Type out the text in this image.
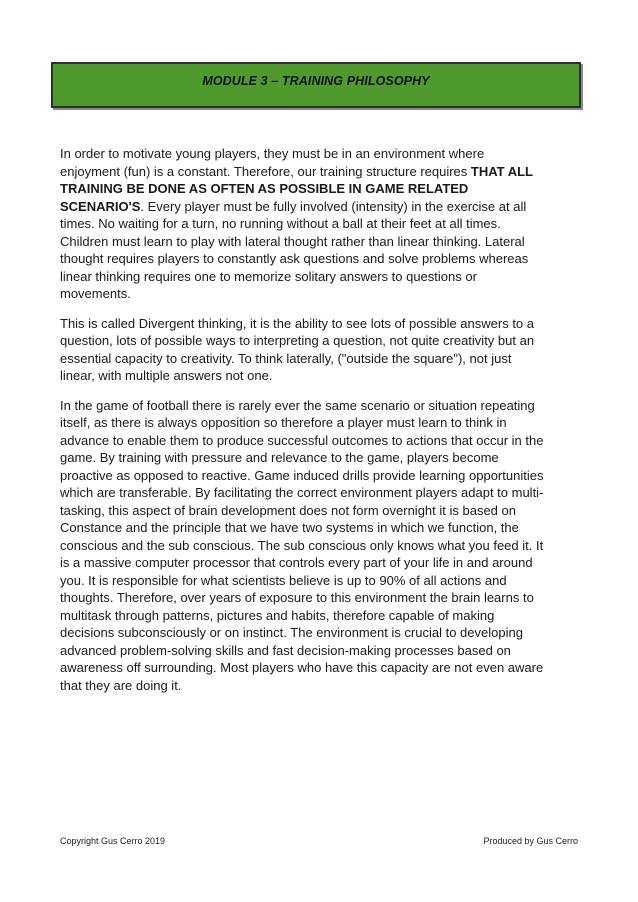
MODULE 3 – TRAINING PHILOSOPHY

In order to motivate young players, they must be in an environment where enjoyment (fun) is a constant. Therefore, our training structure requires THAT ALL TRAINING BE DONE AS OFTEN AS POSSIBLE IN GAME RELATED SCENARIO'S. Every player must be fully involved (intensity) in the exercise at all times. No waiting for a turn, no running without a ball at their feet at all times. Children must learn to play with lateral thought rather than linear thinking. Lateral thought requires players to constantly ask questions and solve problems whereas linear thinking requires one to memorize solitary answers to questions or movements.

This is called Divergent thinking, it is the ability to see lots of possible answers to a question, lots of possible ways to interpreting a question, not quite creativity but an essential capacity to creativity. To think laterally, ("outside the square"), not just linear, with multiple answers not one.

In the game of football there is rarely ever the same scenario or situation repeating itself, as there is always opposition so therefore a player must learn to think in advance to enable them to produce successful outcomes to actions that occur in the game. By training with pressure and relevance to the game, players become proactive as opposed to reactive. Game induced drills provide learning opportunities which are transferable. By facilitating the correct environment players adapt to multi-tasking, this aspect of brain development does not form overnight it is based on Constance and the principle that we have two systems in which we function, the conscious and the sub conscious. The sub conscious only knows what you feed it. It is a massive computer processor that controls every part of your life in and around you. It is responsible for what scientists believe is up to 90% of all actions and thoughts. Therefore, over years of exposure to this environment the brain learns to multitask through patterns, pictures and habits, therefore capable of making decisions subconsciously or on instinct. The environment is crucial to developing advanced problem-solving skills and fast decision-making processes based on awareness off surrounding. Most players who have this capacity are not even aware that they are doing it.

Copyright Gus Cerro 2019	Produced by Gus Cerro
